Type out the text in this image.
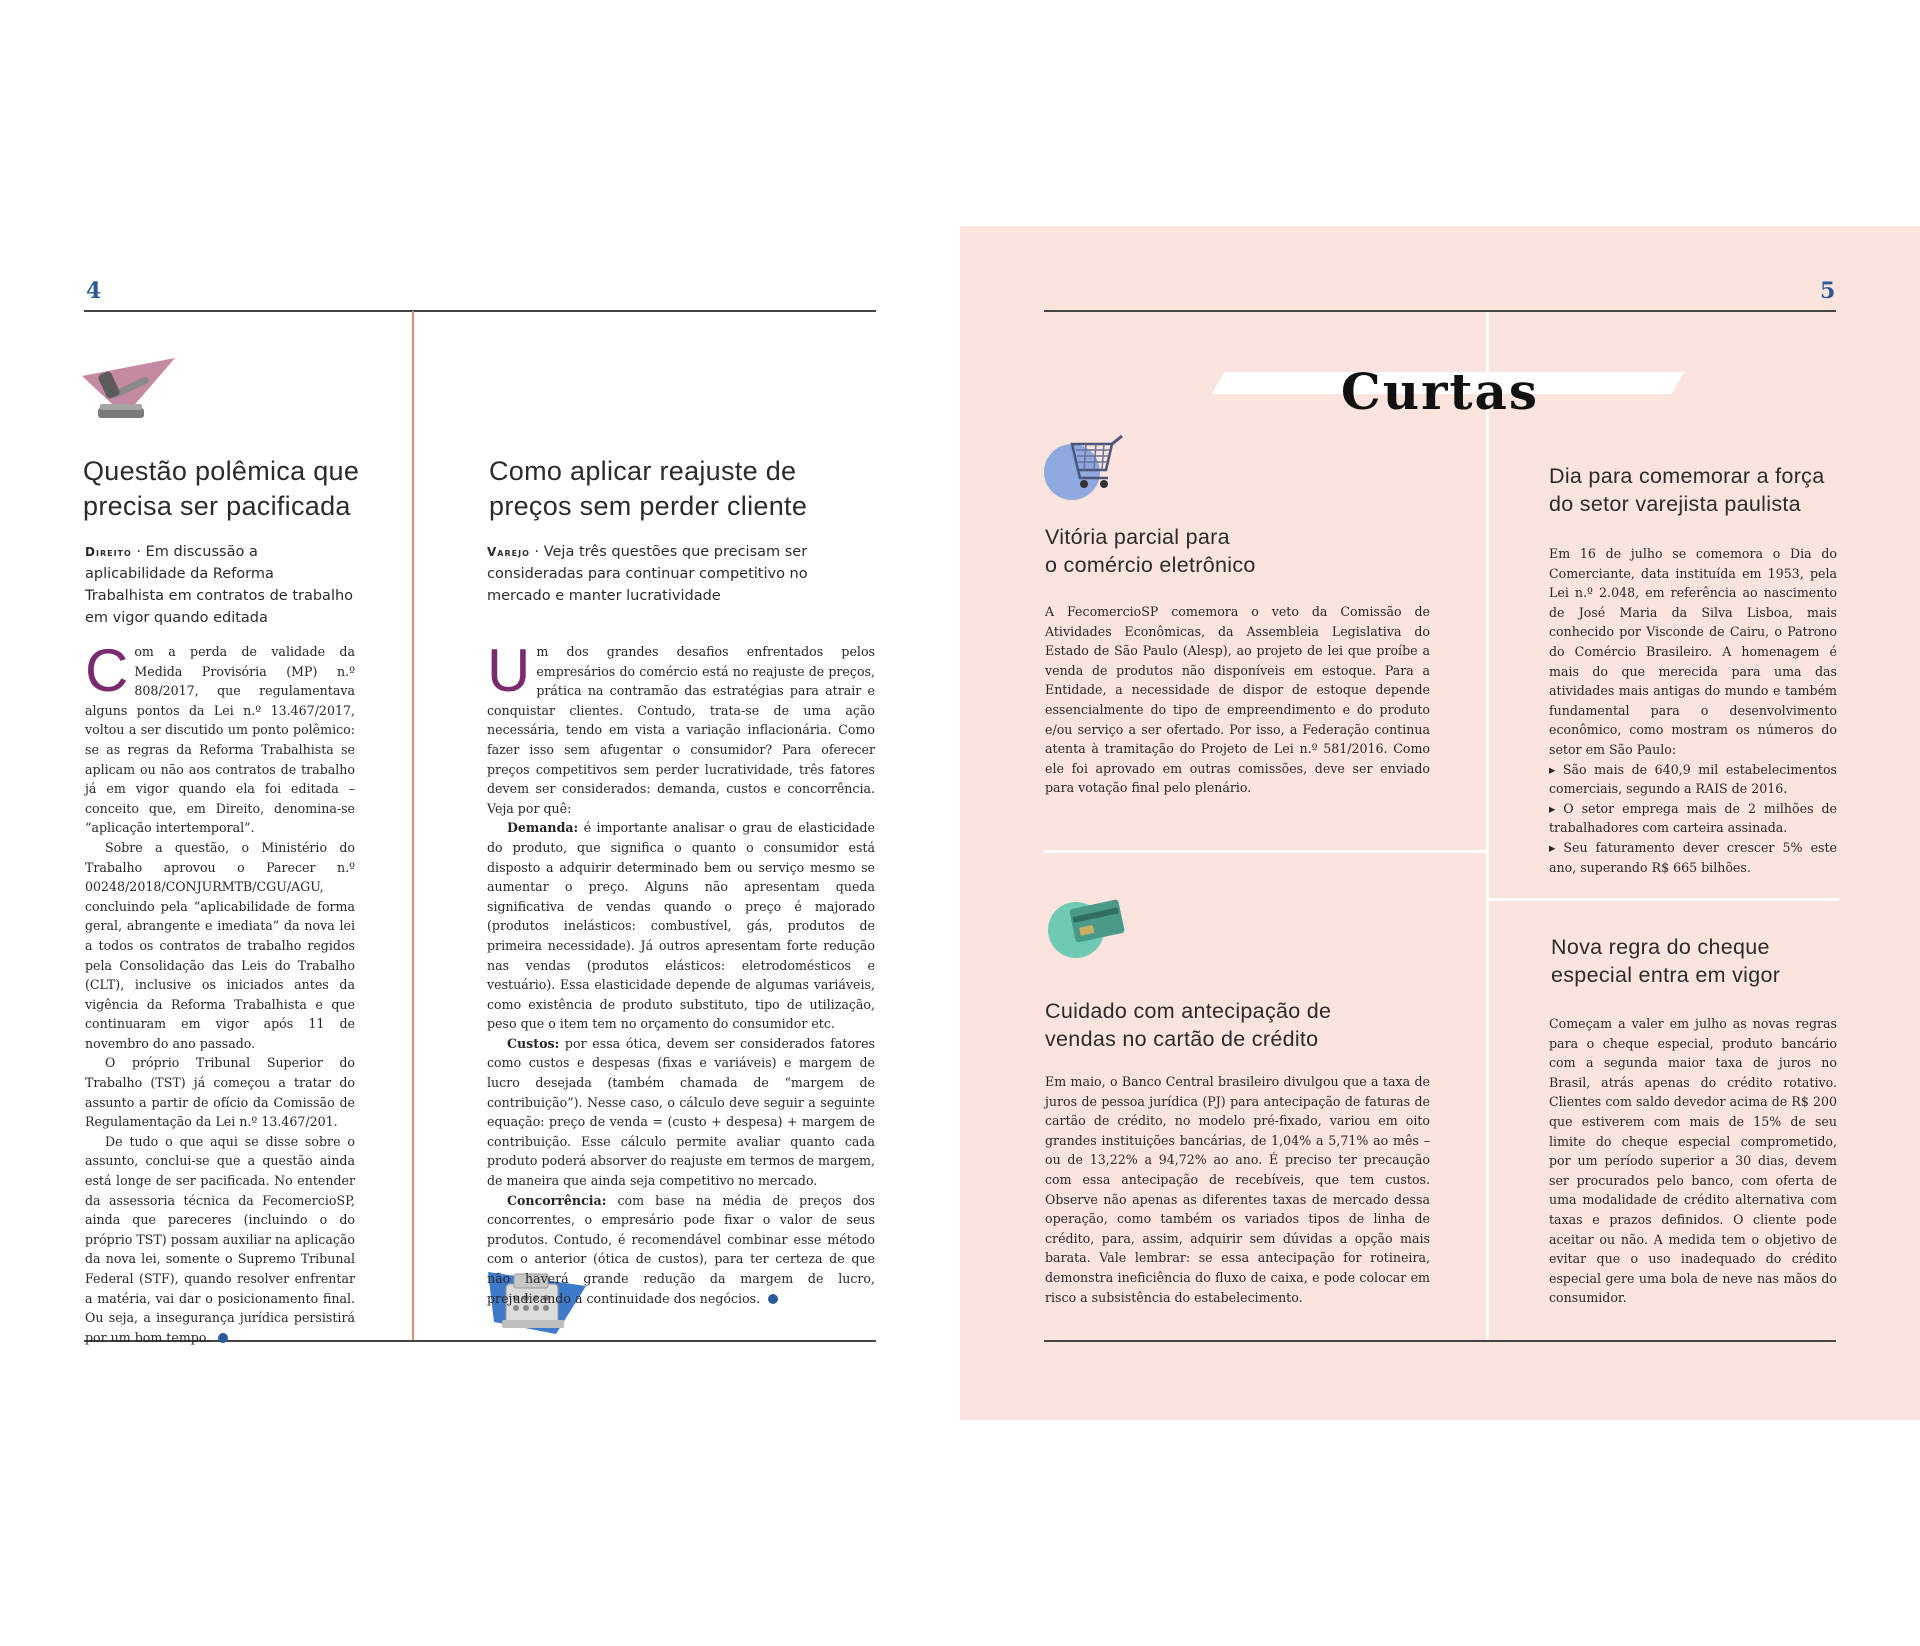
4	5
Questão polêmica que
precisa ser pacificada
Direito · Em discussão a aplicabilidade da Reforma Trabalhista em contratos de trabalho em vigor quando editada

Com a perda de validade da Medida Provisória (MP) n.º 808/2017, que regulamentava alguns pontos da Lei n.º 13.467/2017, voltou a ser discutido um ponto polêmico: se as regras da Reforma Trabalhista se aplicam ou não aos contratos de trabalho já em vigor quando ela foi editada – conceito que, em Direito, denomina-se “aplicação intertemporal”.

Sobre a questão, o Ministério do Trabalho aprovou o Parecer n.º 00248/2018/CONJURMTB/CGU/AGU, concluindo pela “aplicabilidade de forma geral, abrangente e imediata” da nova lei a todos os contratos de trabalho regidos pela Consolidação das Leis do Trabalho (CLT), inclusive os iniciados antes da vigência da Reforma Trabalhista e que continuaram em vigor após 11 de novembro do ano passado.

O próprio Tribunal Superior do Trabalho (TST) já começou a tratar do assunto a partir de ofício da Comissão de Regulamentação da Lei n.º 13.467/201.

De tudo o que aqui se disse sobre o assunto, conclui-se que a questão ainda está longe de ser pacificada. No entender da assessoria técnica da FecomercioSP, ainda que pareceres (incluindo o do próprio TST) possam auxiliar na aplicação da nova lei, somente o Supremo Tribunal Federal (STF), quando resolver enfrentar a matéria, vai dar o posicionamento final. Ou seja, a insegurança jurídica persistirá por um bom tempo.

Como aplicar reajuste de
preços sem perder cliente
Varejo · Veja três questões que precisam ser consideradas para continuar competitivo no mercado e manter lucratividade

Um dos grandes desafios enfrentados pelos empresários do comércio está no reajuste de preços, prática na contramão das estratégias para atrair e conquistar clientes. Contudo, trata-se de uma ação necessária, tendo em vista a variação inflacionária. Como fazer isso sem afugentar o consumidor? Para oferecer preços competitivos sem perder lucratividade, três fatores devem ser considerados: demanda, custos e concorrência. Veja por quê:

Demanda: é importante analisar o grau de elasticidade do produto, que significa o quanto o consumidor está disposto a adquirir determinado bem ou serviço mesmo se aumentar o preço. Alguns não apresentam queda significativa de vendas quando o preço é majorado (produtos inelásticos: combustível, gás, produtos de primeira necessidade). Já outros apresentam forte redução nas vendas (produtos elásticos: eletrodomésticos e vestuário). Essa elasticidade depende de algumas variáveis, como existência de produto substituto, tipo de utilização, peso que o item tem no orçamento do consumidor etc.

Custos: por essa ótica, devem ser considerados fatores como custos e despesas (fixas e variáveis) e margem de lucro desejada (também chamada de “margem de contribuição”). Nesse caso, o cálculo deve seguir a seguinte equação: preço de venda = (custo + despesa) + margem de contribuição. Esse cálculo permite avaliar quanto cada produto poderá absorver do reajuste em termos de margem, de maneira que ainda seja competitivo no mercado.

Concorrência: com base na média de preços dos concorrentes, o empresário pode fixar o valor de seus produtos. Contudo, é recomendável combinar esse método com o anterior (ótica de custos), para ter certeza de que não haverá grande redução da margem de lucro, prejudicando a continuidade dos negócios.

Curtas
Vitória parcial para
o comércio eletrônico

A FecomercioSP comemora o veto da Comissão de Atividades Econômicas, da Assembleia Legislativa do Estado de São Paulo (Alesp), ao projeto de lei que proíbe a venda de produtos não disponíveis em estoque. Para a Entidade, a necessidade de dispor de estoque depende essencialmente do tipo de empreendimento e do produto e/ou serviço a ser ofertado. Por isso, a Federação continua atenta à tramitação do Projeto de Lei n.º 581/2016. Como ele foi aprovado em outras comissões, deve ser enviado para votação final pelo plenário.

Dia para comemorar a força
do setor varejista paulista

Em 16 de julho se comemora o Dia do Comerciante, data instituída em 1953, pela Lei n.º 2.048, em referência ao nascimento de José Maria da Silva Lisboa, mais conhecido por Visconde de Cairu, o Patrono do Comércio Brasileiro. A homenagem é mais do que merecida para uma das atividades mais antigas do mundo e também fundamental para o desenvolvimento econômico, como mostram os números do setor em São Paulo:

▸ São mais de 640,9 mil estabelecimentos comerciais, segundo a RAIS de 2016.
▸ O setor emprega mais de 2 milhões de trabalhadores com carteira assinada.
▸ Seu faturamento dever crescer 5% este ano, superando R$ 665 bilhões.
Cuidado com antecipação de
vendas no cartão de crédito

Em maio, o Banco Central brasileiro divulgou que a taxa de juros de pessoa jurídica (PJ) para antecipação de faturas de cartão de crédito, no modelo pré-fixado, variou em oito grandes instituições bancárias, de 1,04% a 5,71% ao mês – ou de 13,22% a 94,72% ao ano. É preciso ter precaução com essa antecipação de recebíveis, que tem custos. Observe não apenas as diferentes taxas de mercado dessa operação, como também os variados tipos de linha de crédito, para, assim, adquirir sem dúvidas a opção mais barata. Vale lembrar: se essa antecipação for rotineira, demonstra ineficiência do fluxo de caixa, e pode colocar em risco a subsistência do estabelecimento.

Nova regra do cheque
especial entra em vigor

Começam a valer em julho as novas regras para o cheque especial, produto bancário com a segunda maior taxa de juros no Brasil, atrás apenas do crédito rotativo. Clientes com saldo devedor acima de R$ 200 que estiverem com mais de 15% de seu limite do cheque especial comprometido, por um período superior a 30 dias, devem ser procurados pelo banco, com oferta de uma modalidade de crédito alternativa com taxas e prazos definidos. O cliente pode aceitar ou não. A medida tem o objetivo de evitar que o uso inadequado do crédito especial gere uma bola de neve nas mãos do consumidor.
